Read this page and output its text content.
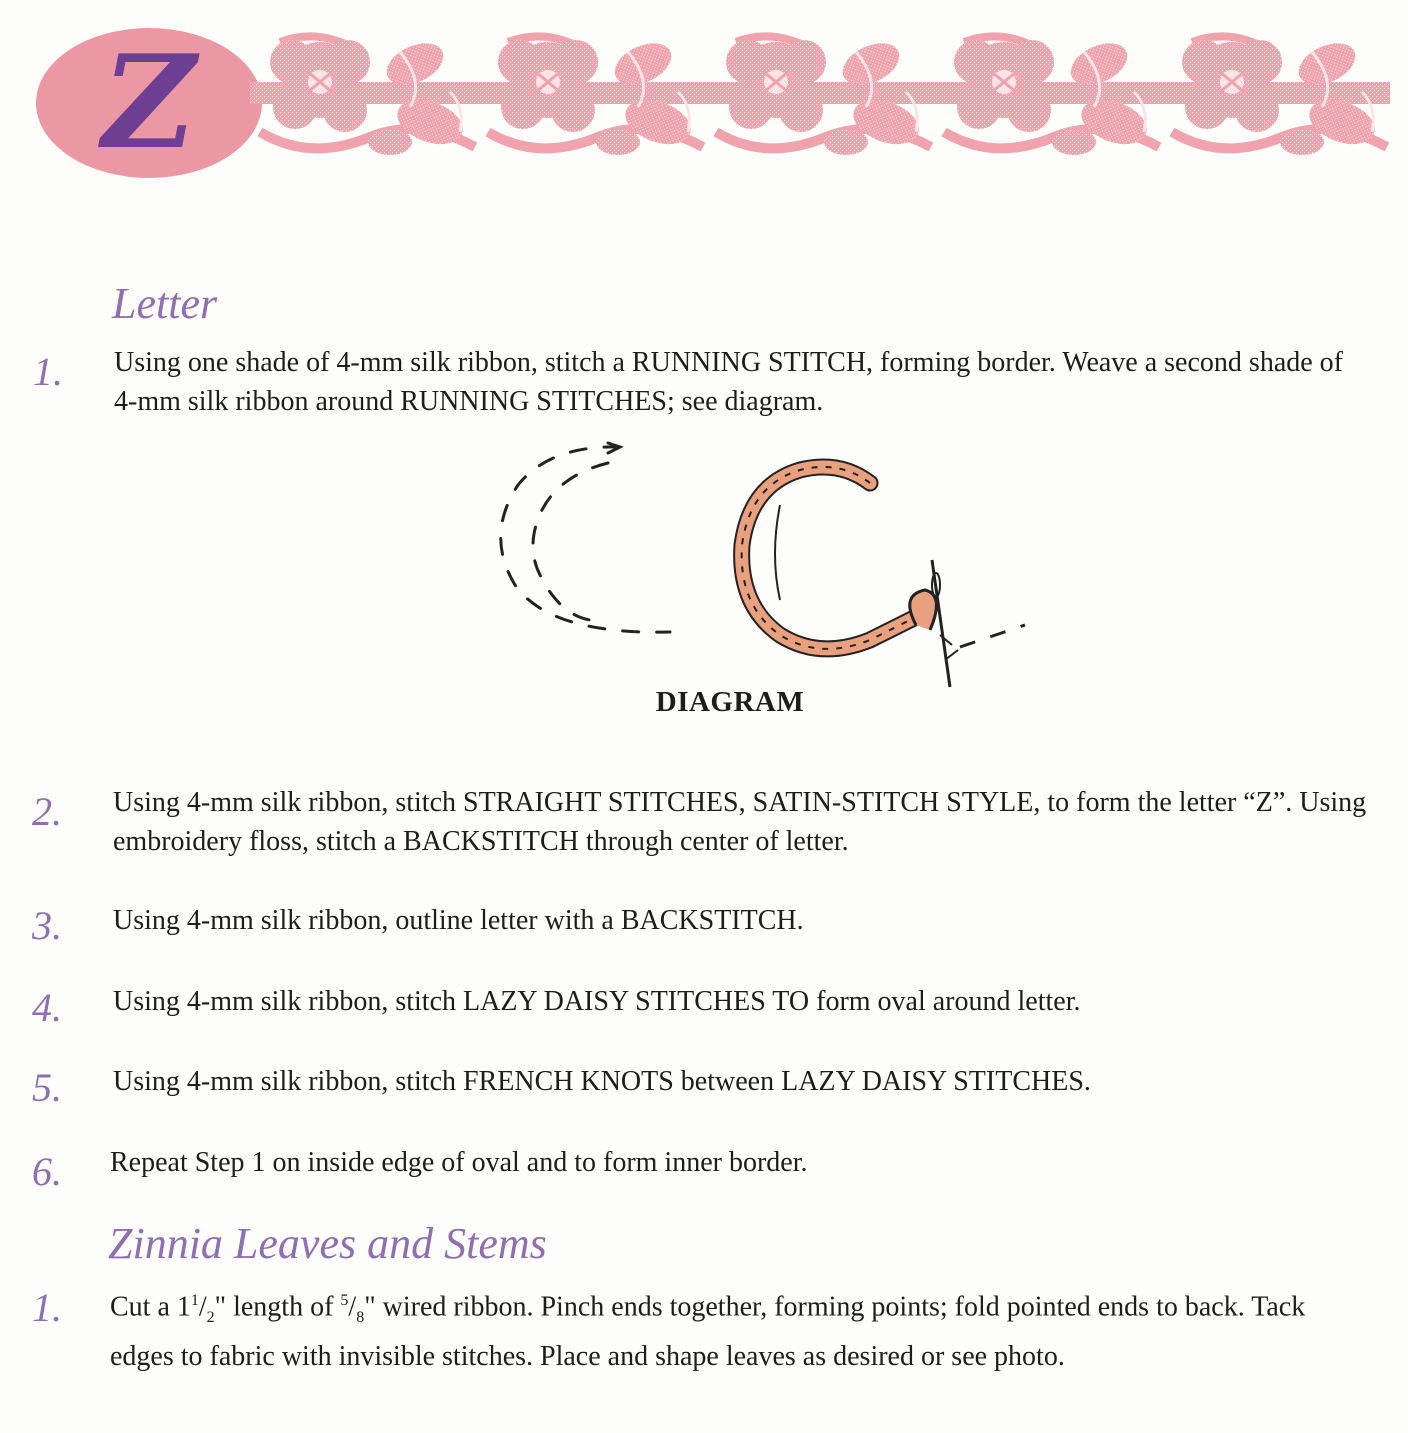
Z
Letter
1. Using one shade of 4-mm silk ribbon, stitch a RUNNING STITCH, forming border. Weave a second shade of 4-mm silk ribbon around RUNNING STITCHES; see diagram.

DIAGRAM
2. Using 4-mm silk ribbon, stitch STRAIGHT STITCHES, SATIN-STITCH STYLE, to form the letter “Z”. Using embroidery floss, stitch a BACKSTITCH through center of letter.

3. Using 4-mm silk ribbon, outline letter with a BACKSTITCH.

4. Using 4-mm silk ribbon, stitch LAZY DAISY STITCHES TO form oval around letter.

5. Using 4-mm silk ribbon, stitch FRENCH KNOTS between LAZY DAISY STITCHES.

6. Repeat Step 1 on inside edge of oval and to form inner border.

Zinnia Leaves and Stems
1. Cut a $1^1/_2$" length of $^5/_8$" wired ribbon. Pinch ends together, forming points; fold pointed ends to back. Tack edges to fabric with invisible stitches. Place and shape leaves as desired or see photo.
